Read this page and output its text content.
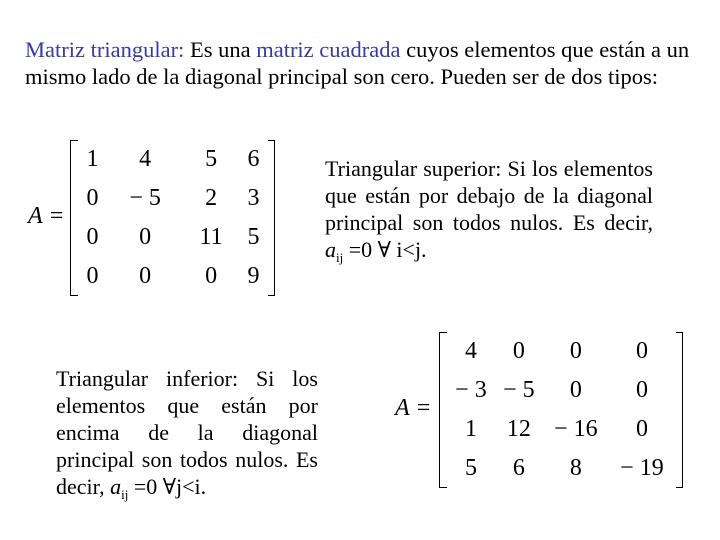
Matriz triangular: Es una matriz cuadrada cuyos elementos que están a un mismo lado de la diagonal principal son cero. Pueden ser de dos tipos:
A =
1	4	5	6
0	− 5	2	3
0	0	11	5
0	0	0	9
Triangular superior: Si los elementos que están por debajo de la diagonal principal son todos nulos. Es decir, $a_{ij} =0$ ∀ i<j.
Triangular inferior: Si los elementos que están por encima de la diagonal principal son todos nulos. Es decir, $a_{ij} =0$ ∀j<i.
A =
4	0	0	0
− 3	− 5	0	0
1	12	− 16	0
5	6	8	− 19
